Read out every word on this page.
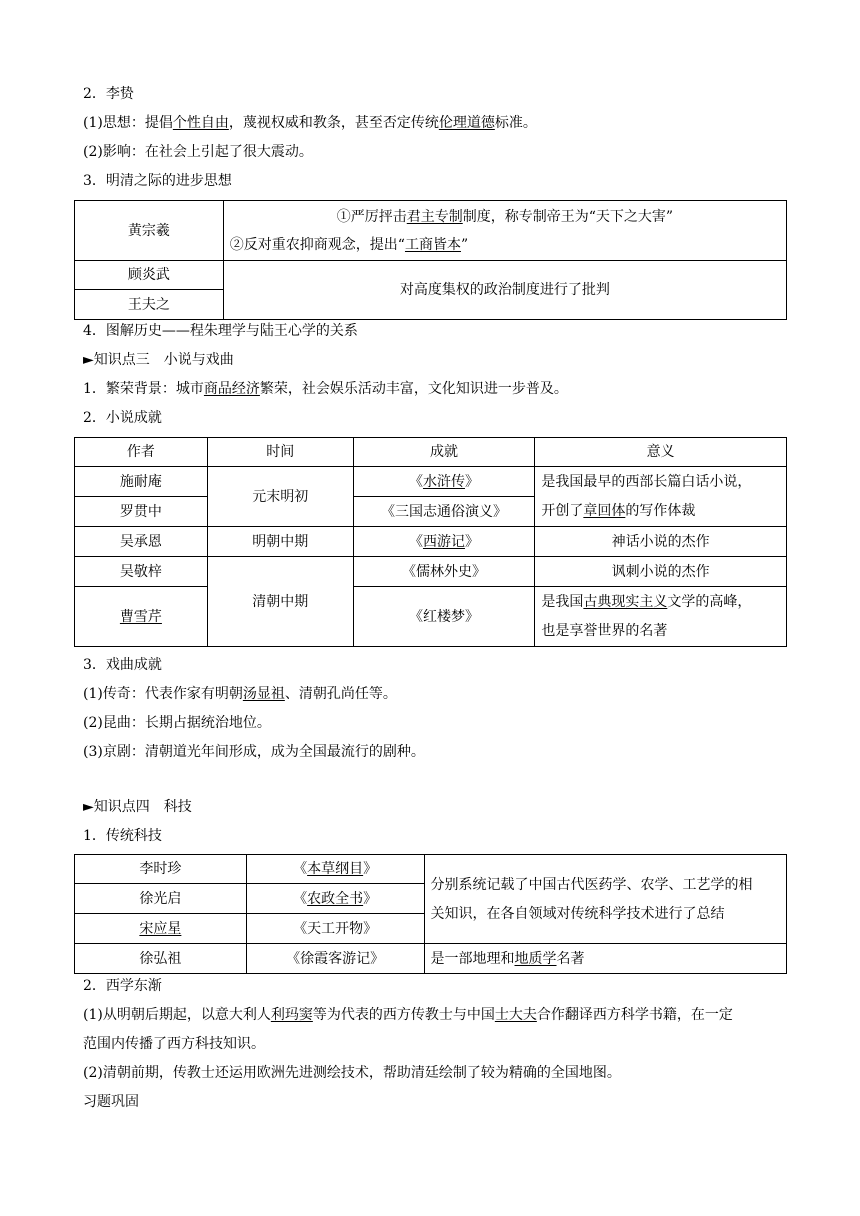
2．李贽
(1)思想：提倡个性自由，蔑视权威和教条，甚至否定传统伦理道德标准。
(2)影响：在社会上引起了很大震动。
3．明清之际的进步思想
黄宗羲	①严厉抨击君主专制制度，称专制帝王为“天下之大害”
②反对重农抑商观念，提出“工商皆本”

顾炎武	对高度集权的政治制度进行了批判
王夫之	
4．图解历史——程朱理学与陆王心学的关系
►知识点三　小说与戏曲
1．繁荣背景：城市商品经济繁荣，社会娱乐活动丰富，文化知识进一步普及。
2．小说成就
作者	时间	成就	意义
施耐庵	元末明初	《水浒传》	是我国最早的西部长篇白话小说，
开创了章回体的写作体裁

罗贯中		《三国志通俗演义》	
吴承恩	明朝中期	《西游记》	神话小说的杰作
吴敬梓	清朝中期	《儒林外史》	讽刺小说的杰作
曹雪芹		《红楼梦》	是我国古典现实主义文学的高峰，
也是享誉世界的名著
3．戏曲成就
(1)传奇：代表作家有明朝汤显祖、清朝孔尚任等。
(2)昆曲：长期占据统治地位。
(3)京剧：清朝道光年间形成，成为全国最流行的剧种。
►知识点四　科技
1．传统科技
李时珍	《本草纲目》	分别系统记载了中国古代医药学、农学、工艺学的相
关知识，在各自领域对传统科学技术进行了总结

徐光启	《农政全书》	
宋应星	《天工开物》	
徐弘祖	《徐霞客游记》	是一部地理和地质学名著
2．西学东渐
(1)从明朝后期起，以意大利人利玛窦等为代表的西方传教士与中国士大夫合作翻译西方科学书籍，在一定
范围内传播了西方科技知识。
(2)清朝前期，传教士还运用欧洲先进测绘技术，帮助清廷绘制了较为精确的全国地图。
习题巩固
